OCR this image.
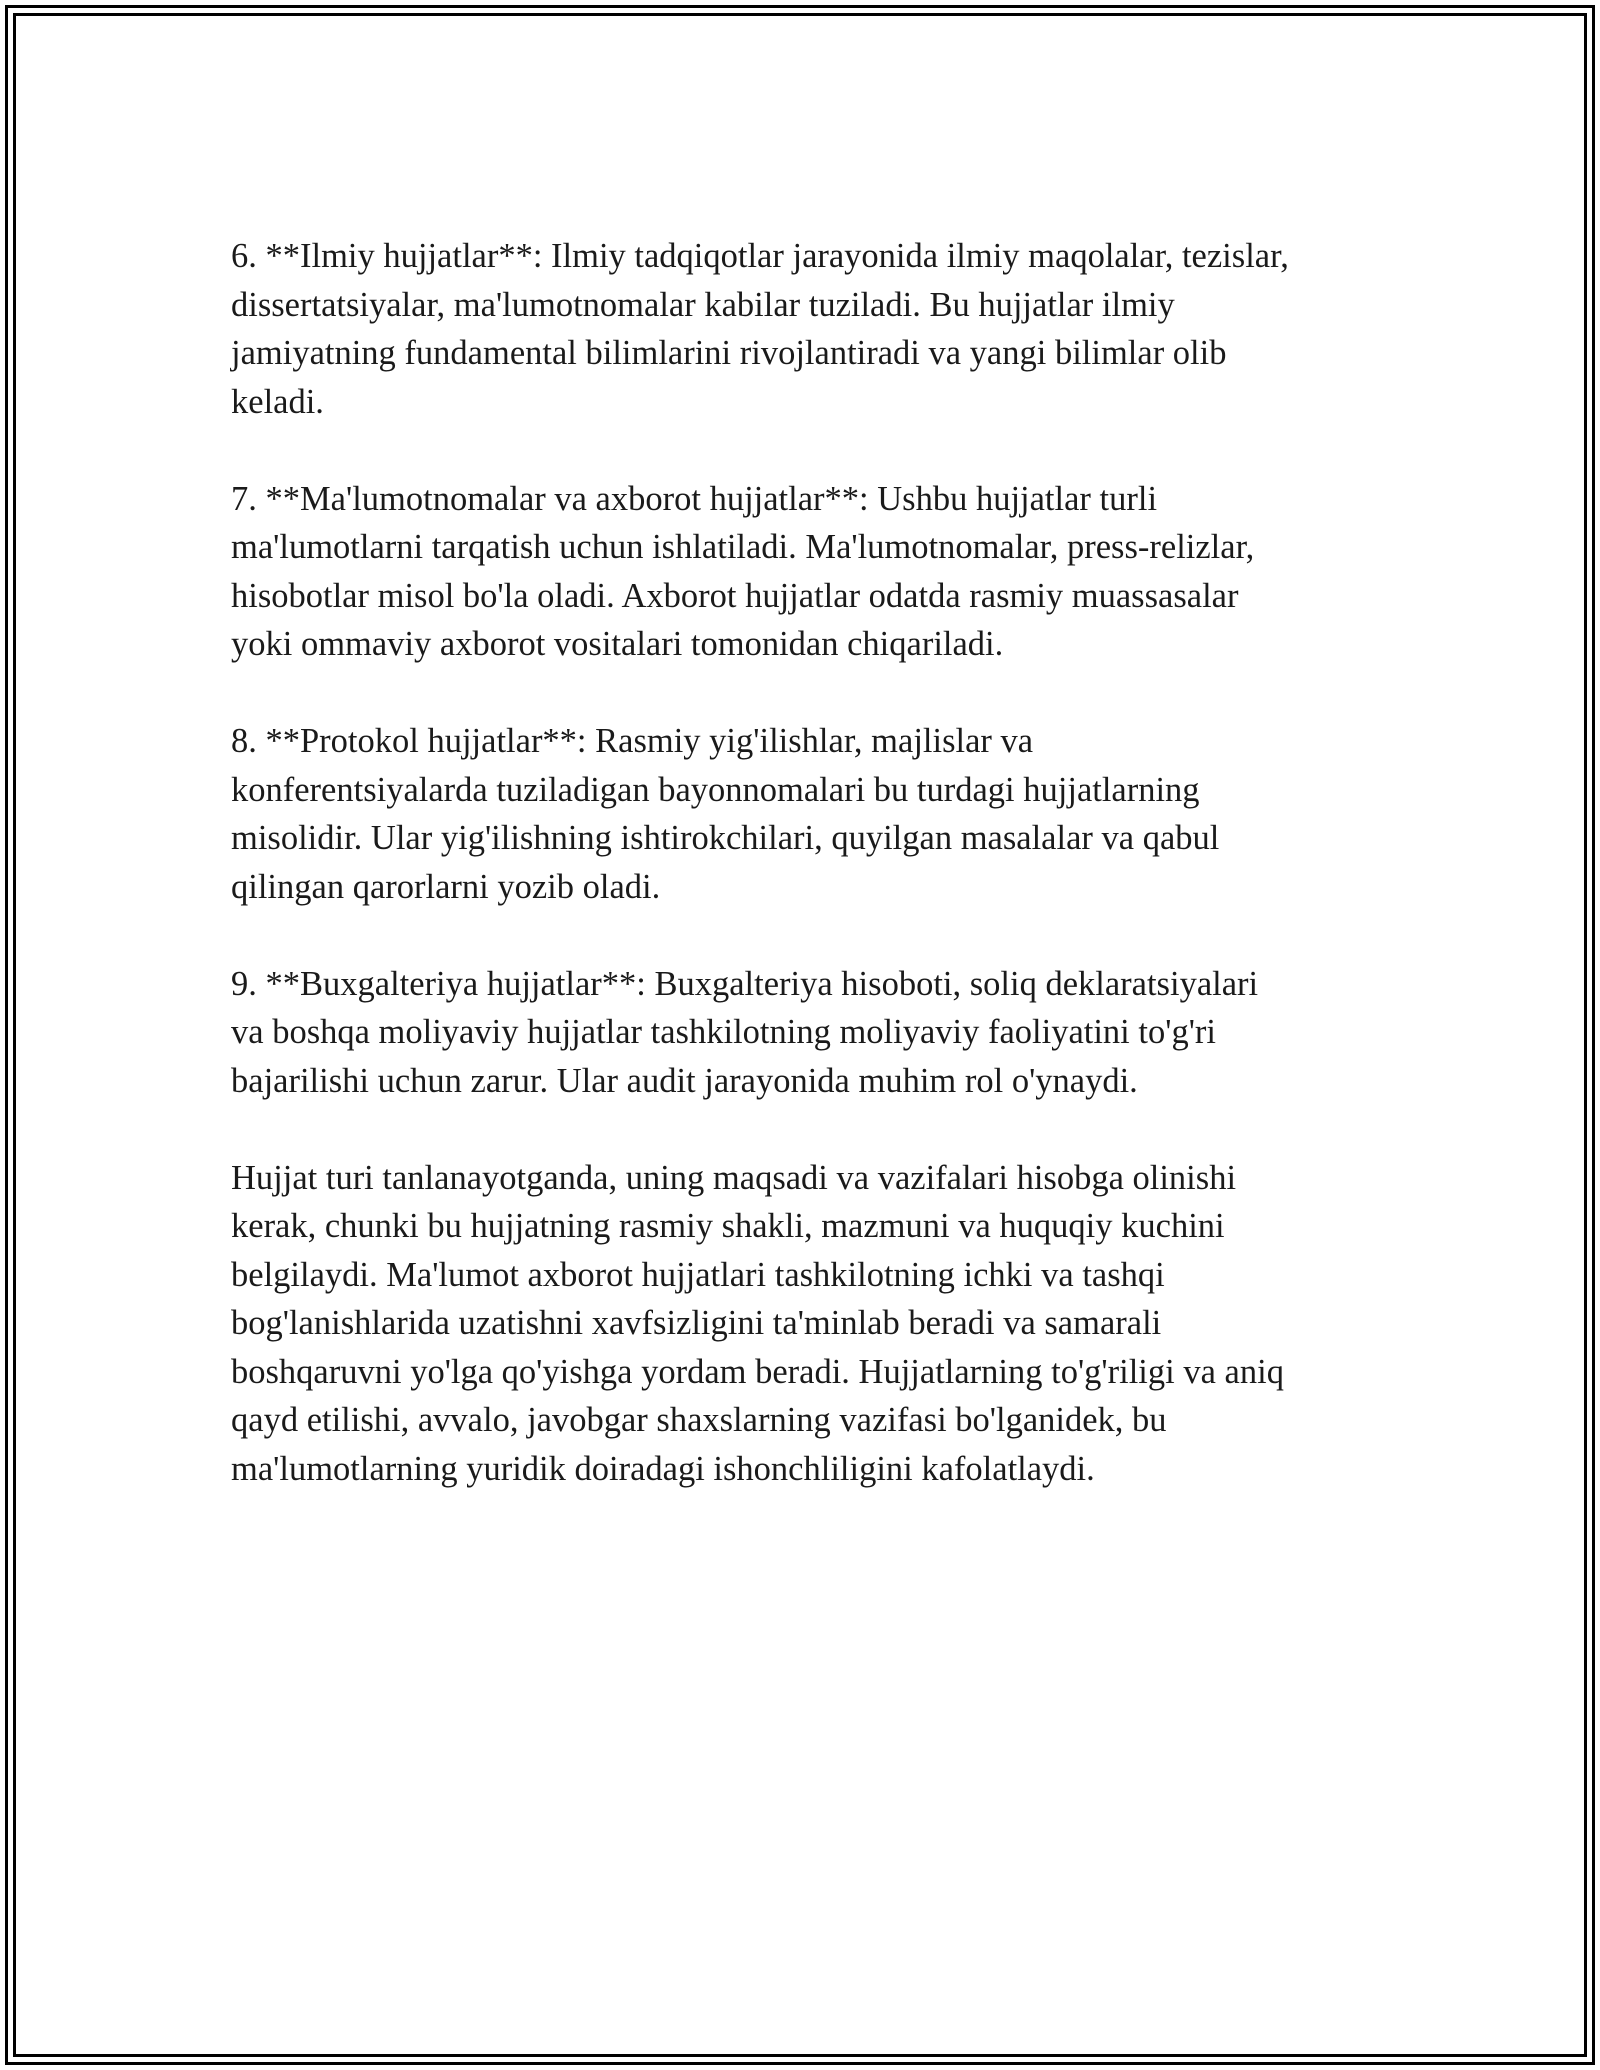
6. **Ilmiy hujjatlar**: Ilmiy tadqiqotlar jarayonida ilmiy maqolalar, tezislar,
dissertatsiyalar, ma'lumotnomalar kabilar tuziladi. Bu hujjatlar ilmiy
jamiyatning fundamental bilimlarini rivojlantiradi va yangi bilimlar olib
keladi.

7. **Ma'lumotnomalar va axborot hujjatlar**: Ushbu hujjatlar turli
ma'lumotlarni tarqatish uchun ishlatiladi. Ma'lumotnomalar, press-relizlar,
hisobotlar misol bo'la oladi. Axborot hujjatlar odatda rasmiy muassasalar
yoki ommaviy axborot vositalari tomonidan chiqariladi.

8. **Protokol hujjatlar**: Rasmiy yig'ilishlar, majlislar va
konferentsiyalarda tuziladigan bayonnomalari bu turdagi hujjatlarning
misolidir. Ular yig'ilishning ishtirokchilari, quyilgan masalalar va qabul
qilingan qarorlarni yozib oladi.

9. **Buxgalteriya hujjatlar**: Buxgalteriya hisoboti, soliq deklaratsiyalari
va boshqa moliyaviy hujjatlar tashkilotning moliyaviy faoliyatini to'g'ri
bajarilishi uchun zarur. Ular audit jarayonida muhim rol o'ynaydi.

Hujjat turi tanlanayotganda, uning maqsadi va vazifalari hisobga olinishi
kerak, chunki bu hujjatning rasmiy shakli, mazmuni va huquqiy kuchini
belgilaydi. Ma'lumot axborot hujjatlari tashkilotning ichki va tashqi
bog'lanishlarida uzatishni xavfsizligini ta'minlab beradi va samarali
boshqaruvni yo'lga qo'yishga yordam beradi. Hujjatlarning to'g'riligi va aniq
qayd etilishi, avvalo, javobgar shaxslarning vazifasi bo'lganidek, bu
ma'lumotlarning yuridik doiradagi ishonchliligini kafolatlaydi.
